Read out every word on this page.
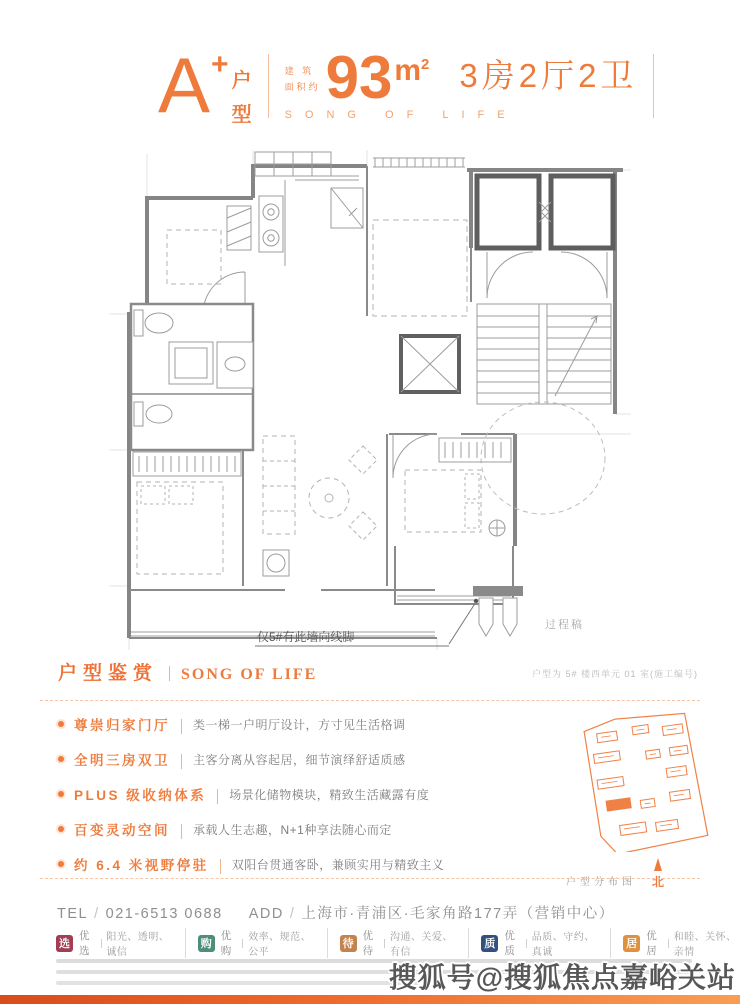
A + 户
型
建 筑
面积约 93 $m^2$ 3房2厅2卫
SONG OF LIFE
仅5#有此墙向线脚
过程稿
户型鉴赏 SONG OF LIFE	户型为 5# 楼西单元 01 室(施工编号)
尊崇归家门厅 类一梯一户明厅设计，方寸见生活格调
全明三房双卫 主客分离从容起居，细节演绎舒适质感
PLUS 级收纳体系 场景化储物模块，精致生活藏露有度
百变灵动空间 承载人生志趣，N+1种享法随心而定
约 6.4 米视野停驻 双阳台贯通客卧，兼顾实用与精致主义
户型分布图 北
TEL / 021-6513 0688 ADD / 上海市·青浦区·毛家角路177弄（营销中心）
选
优选
阳光、透明、诚信
购
优购
效率、规范、公平
待
优待
沟通、关爱、有信
质
优质
品质、守约、真诚
居
优居
和睦、关怀、亲情
搜狐号@搜狐焦点嘉峪关站
